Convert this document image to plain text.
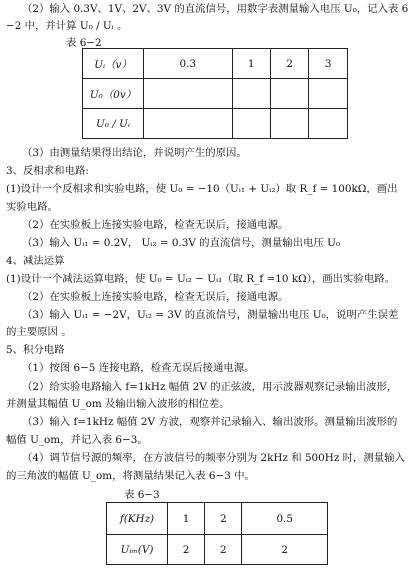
（2）输入 0.3V、1V、2V、3V 的直流信号，用数字表测量输入电压 U₀，记入表 6
−2 中，并计算 U₀ / Uᵢ 。
表 6−2
Uᵢ（v）	0.3	1	2	3
U₀（0v）				
U₀ / Uᵢ				
（3）由测量结果得出结论，并说明产生的原因。
3、反相求和电路:
(1)设计一个反相求和实验电路，使 U₀ = −10（Uᵢ₁ + Uᵢ₂）取 R_f = 100kΩ，画出
实验电路。
（2）在实验板上连接实验电路，检查无误后，接通电源。
（3）输入 Uᵢ₁ = 0.2V， Uᵢ₂ = 0.3V 的直流信号，测量输出电压 U₀
4、减法运算
(1)设计一个减法运算电路，使 U₀ = Uᵢ₂ − Uᵢ₁（取 R_f =10 kΩ），画出实验电路。
（2）在实验板上连接实验电路，检查无误后，接通电源。
（3）输入 Uᵢ₁ = −2V，Uᵢ₂ = 3V 的直流信号，测量输出电压 U₀，说明产生误差
的主要原因 。
5、积分电路
（1）按图 6−5 连接电路，检查无误后接通电源。
（2）给实验电路输入 f=1kHz 幅值 2V 的正弦波，用示波器观察记录输出波形，
并测量其幅值 U_om 及输出输入波形的相位差。
（3）输入 f=1kHz 幅值 2V 方波，观察并记录输入、输出波形。测量输出波形的
幅值 U_om，并记入表 6−3。
（4）调节信号源的频率，在方波信号的频率分别为 2kHz 和 500Hz 时，测量输入
的三角波的幅值 U_om，将测量结果记入表 6−3 中。
表 6−3
f(KHz)	1	2	0.5
Uᵢₘ(V)	2	2	2
